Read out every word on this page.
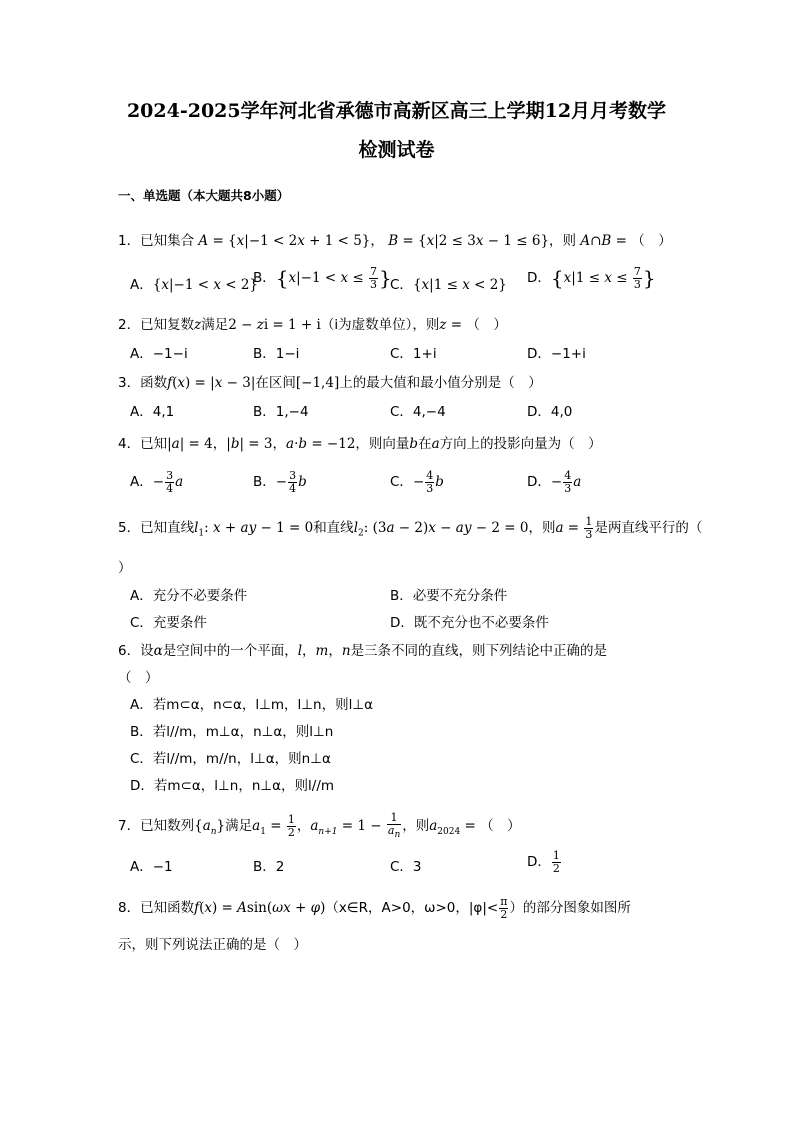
2024-2025学年河北省承德市高新区高三上学期12月月考数学
检测试卷
一、单选题（本大题共8小题）
1．已知集合 A = {x|−1 < 2x + 1 < 5}， B = {x|2 ≤ 3x − 1 ≤ 6}，则 A∩B = （　）
A．{x|−1 < x < 2}
B．{$x|-1 < x \le \frac{7}{3}$ }
C．{x|1 ≤ x < 2} D．{$x|1 \le x \le \frac{7}{3}$ }
2．已知复数z满足2 − zi = 1 + i（i为虚数单位），则z = （　）
A．−1−i	B．1−i	C．1+i	D．−1+i
3．函数f(x) = |x − 3|在区间[−1,4]上的最大值和最小值分别是（　）
A．4,1	B．1,−4	C．4,−4	D．4,0
4．已知|a| = 4，|b| = 3，a·b = −12，则向量b在a方向上的投影向量为（　）
A．− $\frac{3}{4}$ a	B．− $\frac{3}{4}$ b	C．− $\frac{4}{3}$ b	D．− $\frac{4}{3}$ a
5．已知直线$l_1$: x + ay − 1 = 0和直线$l_2$: (3a − 2)x − ay − 2 = 0，则$a = \frac{1}{3}$ 是两直线平行的（
）
A．充分不必要条件	B．必要不充分条件
C．充要条件	D．既不充分也不必要条件
6．设α是空间中的一个平面，l，m，n是三条不同的直线，则下列结论中正确的是
（　）
A．若m⊂α，n⊂α，l⊥m，l⊥n，则l⊥α
B．若l//m，m⊥α，n⊥α，则l⊥n
C．若l//m，m//n，l⊥α，则n⊥α
D．若m⊂α，l⊥n，n⊥α，则l//m
7．已知数列$\{a_n\}$满足$a_1 = \frac{1}{2}$ ，$a_{n+1} = 1 - \frac{1}{a_n}$ ，则$a_{2024}$ = （　）
A．−1	B．2	C．3	D． $\frac{1}{2}$
8．已知函数f(x) = Asin(ωx + φ)（x∈R，A>0，ω>0，$|\varphi|< \frac{\pi}{2}$ ）的部分图象如图所
示，则下列说法正确的是（　）
